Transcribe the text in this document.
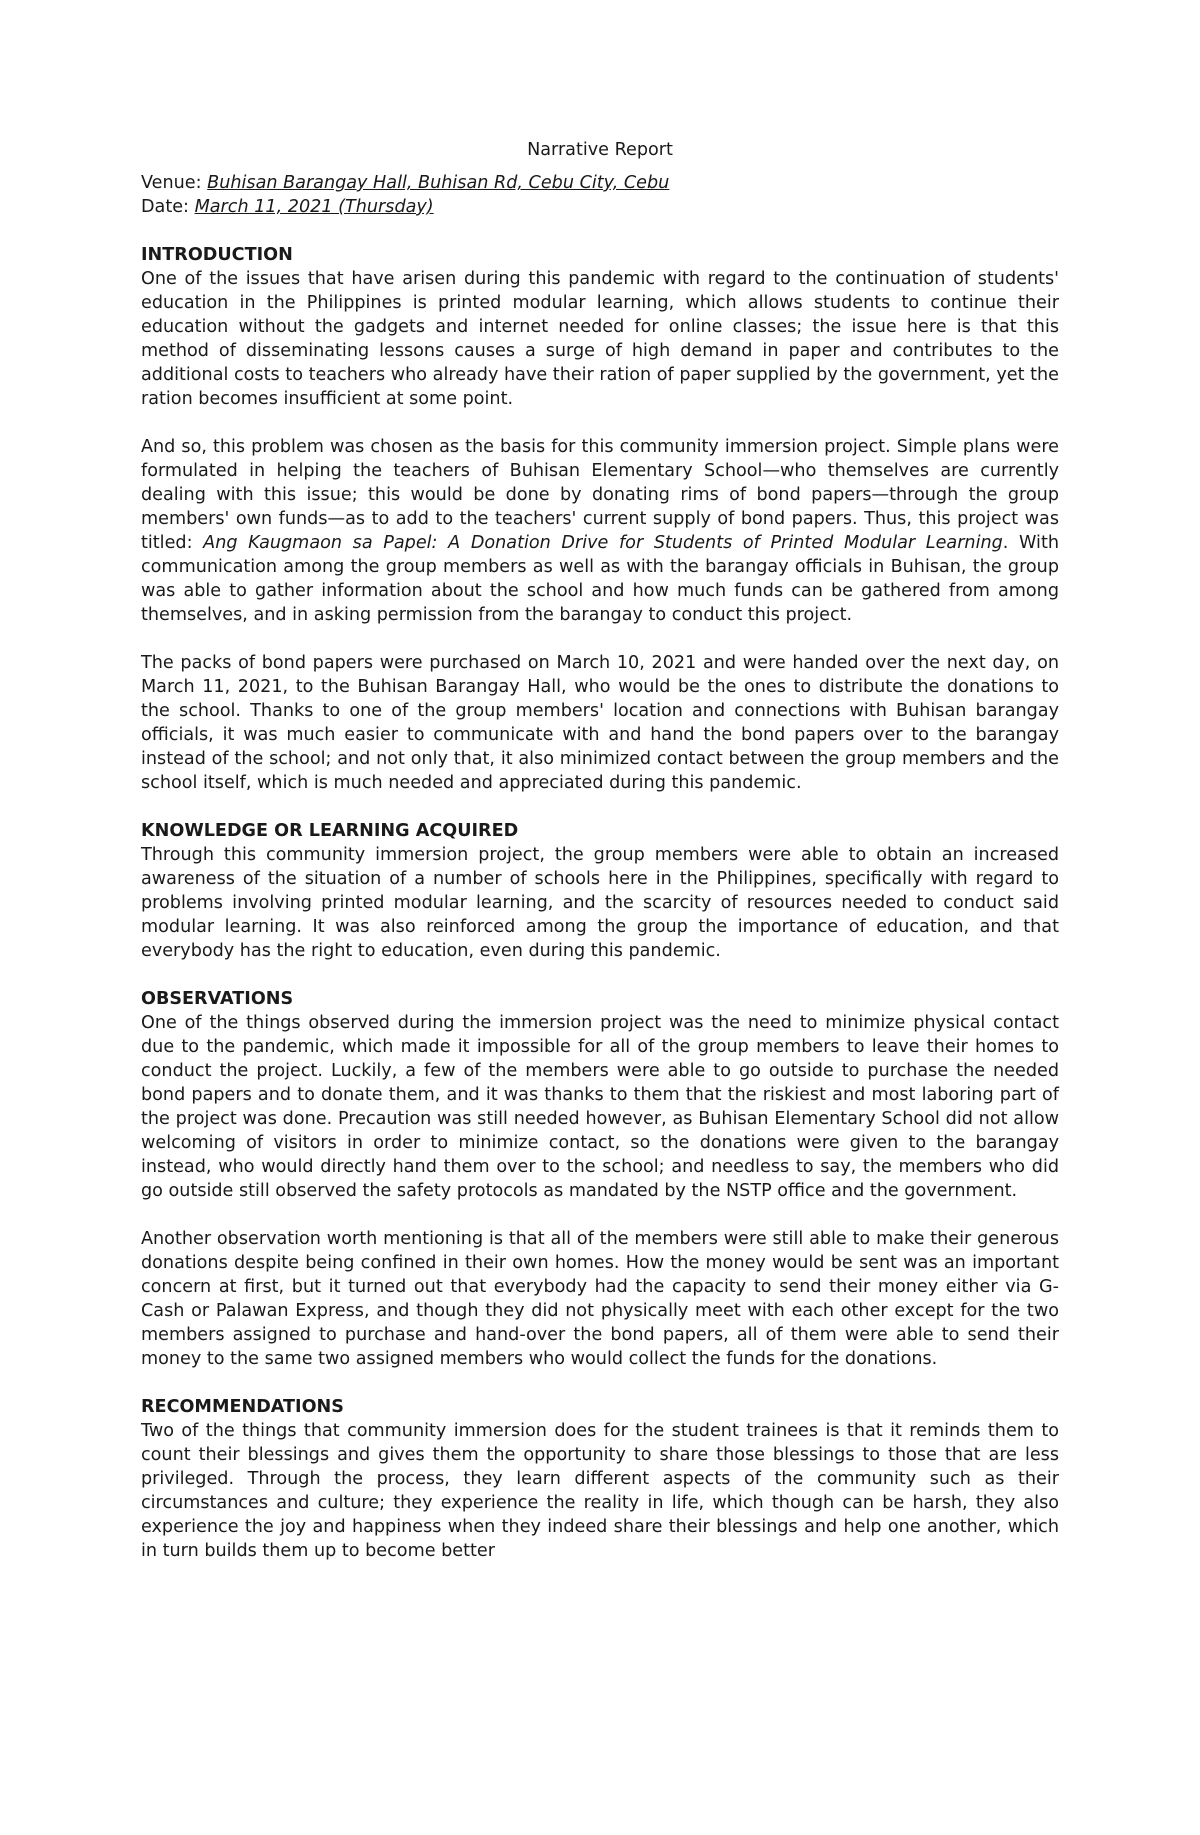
Narrative Report

Venue: Buhisan Barangay Hall, Buhisan Rd, Cebu City, Cebu

Date: March 11, 2021 (Thursday)

INTRODUCTION

One of the issues that have arisen during this pandemic with regard to the continuation of students' education in the Philippines is printed modular learning, which allows students to continue their education without the gadgets and internet needed for online classes; the issue here is that this method of disseminating lessons causes a surge of high demand in paper and contributes to the additional costs to teachers who already have their ration of paper supplied by the government, yet the ration becomes insufficient at some point.

And so, this problem was chosen as the basis for this community immersion project. Simple plans were formulated in helping the teachers of Buhisan Elementary School—who themselves are currently dealing with this issue; this would be done by donating rims of bond papers—through the group members' own funds—as to add to the teachers' current supply of bond papers. Thus, this project was titled: Ang Kaugmaon sa Papel: A Donation Drive for Students of Printed Modular Learning. With communication among the group members as well as with the barangay officials in Buhisan, the group was able to gather information about the school and how much funds can be gathered from among themselves, and in asking permission from the barangay to conduct this project.

The packs of bond papers were purchased on March 10, 2021 and were handed over the next day, on March 11, 2021, to the Buhisan Barangay Hall, who would be the ones to distribute the donations to the school. Thanks to one of the group members' location and connections with Buhisan barangay officials, it was much easier to communicate with and hand the bond papers over to the barangay instead of the school; and not only that, it also minimized contact between the group members and the school itself, which is much needed and appreciated during this pandemic.

KNOWLEDGE OR LEARNING ACQUIRED

Through this community immersion project, the group members were able to obtain an increased awareness of the situation of a number of schools here in the Philippines, specifically with regard to problems involving printed modular learning, and the scarcity of resources needed to conduct said modular learning. It was also reinforced among the group the importance of education, and that everybody has the right to education, even during this pandemic.

OBSERVATIONS

One of the things observed during the immersion project was the need to minimize physical contact due to the pandemic, which made it impossible for all of the group members to leave their homes to conduct the project. Luckily, a few of the members were able to go outside to purchase the needed bond papers and to donate them, and it was thanks to them that the riskiest and most laboring part of the project was done. Precaution was still needed however, as Buhisan Elementary School did not allow welcoming of visitors in order to minimize contact, so the donations were given to the barangay instead, who would directly hand them over to the school; and needless to say, the members who did go outside still observed the safety protocols as mandated by the NSTP office and the government.

Another observation worth mentioning is that all of the members were still able to make their generous donations despite being confined in their own homes. How the money would be sent was an important concern at first, but it turned out that everybody had the capacity to send their money either via G-Cash or Palawan Express, and though they did not physically meet with each other except for the two members assigned to purchase and hand-over the bond papers, all of them were able to send their money to the same two assigned members who would collect the funds for the donations.

RECOMMENDATIONS

Two of the things that community immersion does for the student trainees is that it reminds them to count their blessings and gives them the opportunity to share those blessings to those that are less privileged. Through the process, they learn different aspects of the community such as their circumstances and culture; they experience the reality in life, which though can be harsh, they also experience the joy and happiness when they indeed share their blessings and help one another, which in turn builds them up to become better
